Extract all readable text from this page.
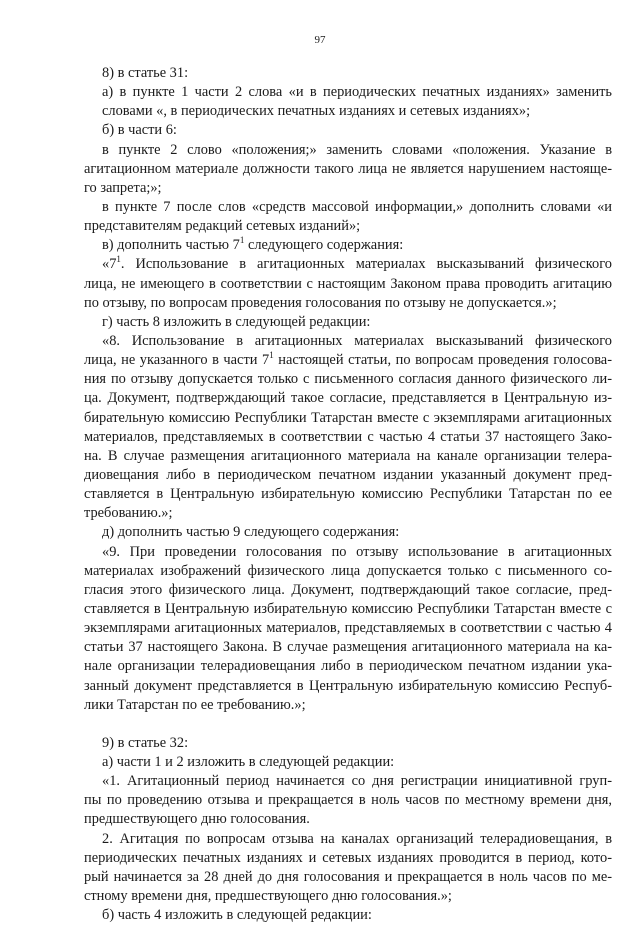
97
8) в статье 31:
а) в пункте 1 части 2 слова «и в периодических печатных изданиях» заменить
словами «, в периодических печатных изданиях и сетевых изданиях»;
б) в части 6:
в пункте 2 слово «положения;» заменить словами «положения. Указание в
агитационном материале должности такого лица не является нарушением настояще-
го запрета;»;
в пункте 7 после слов «средств массовой информации,» дополнить словами «и
представителям редакций сетевых изданий»;
в) дополнить частью $7^1$ следующего содержания:
«$7^1$. Использование в агитационных материалах высказываний физического
лица, не имеющего в соответствии с настоящим Законом права проводить агитацию
по отзыву, по вопросам проведения голосования по отзыву не допускается.»;
г) часть 8 изложить в следующей редакции:
«8. Использование в агитационных материалах высказываний физического
лица, не указанного в части $7^1$ настоящей статьи, по вопросам проведения голосова-
ния по отзыву допускается только с письменного согласия данного физического ли-
ца. Документ, подтверждающий такое согласие, представляется в Центральную из-
бирательную комиссию Республики Татарстан вместе с экземплярами агитационных
материалов, представляемых в соответствии с частью 4 статьи 37 настоящего Зако-
на. В случае размещения агитационного материала на канале организации телера-
диовещания либо в периодическом печатном издании указанный документ пред-
ставляется в Центральную избирательную комиссию Республики Татарстан по ее
требованию.»;
д) дополнить частью 9 следующего содержания:
«9. При проведении голосования по отзыву использование в агитационных
материалах изображений физического лица допускается только с письменного со-
гласия этого физического лица. Документ, подтверждающий такое согласие, пред-
ставляется в Центральную избирательную комиссию Республики Татарстан вместе с
экземплярами агитационных материалов, представляемых в соответствии с частью 4
статьи 37 настоящего Закона. В случае размещения агитационного материала на ка-
нале организации телерадиовещания либо в периодическом печатном издании ука-
занный документ представляется в Центральную избирательную комиссию Респуб-
лики Татарстан по ее требованию.»;
9) в статье 32:
а) части 1 и 2 изложить в следующей редакции:
«1. Агитационный период начинается со дня регистрации инициативной груп-
пы по проведению отзыва и прекращается в ноль часов по местному времени дня,
предшествующего дню голосования.
2. Агитация по вопросам отзыва на каналах организаций телерадиовещания, в
периодических печатных изданиях и сетевых изданиях проводится в период, кото-
рый начинается за 28 дней до дня голосования и прекращается в ноль часов по ме-
стному времени дня, предшествующего дню голосования.»;
б) часть 4 изложить в следующей редакции:
